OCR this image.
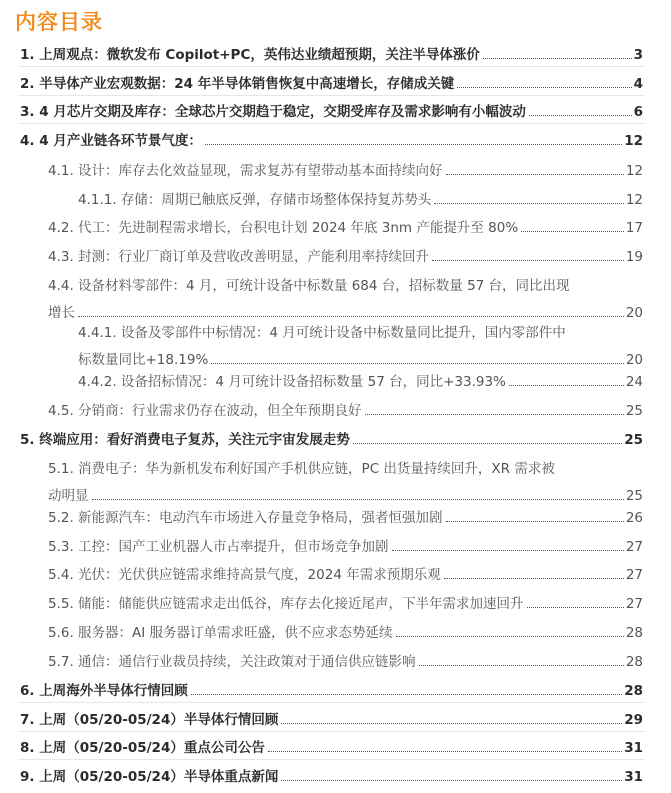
内容目录
1. 上周观点：微软发布 Copilot+PC，英伟达业绩超预期，关注半导体涨价	3
2. 半导体产业宏观数据：24 年半导体销售恢复中高速增长，存储成关键	4
3. 4 月芯片交期及库存：全球芯片交期趋于稳定，交期受库存及需求影响有小幅波动	6
4. 4 月产业链各环节景气度：	12
4.1. 设计：库存去化效益显现，需求复苏有望带动基本面持续向好	12
4.1.1. 存储：周期已触底反弹，存储市场整体保持复苏势头	12
4.2. 代工：先进制程需求增长，台积电计划 2024 年底 3nm 产能提升至 80%	17
4.3. 封测：行业厂商订单及营收改善明显，产能利用率持续回升	19
4.4. 设备材料零部件：4 月，可统计设备中标数量 684 台，招标数量 57 台，同比出现
增长	20
4.4.1. 设备及零部件中标情况：4 月可统计设备中标数量同比提升，国内零部件中
标数量同比+18.19%	20
4.4.2. 设备招标情况：4 月可统计设备招标数量 57 台，同比+33.93%	24
4.5. 分销商：行业需求仍存在波动，但全年预期良好	25
5. 终端应用：看好消费电子复苏，关注元宇宙发展走势	25
5.1. 消费电子：华为新机发布利好国产手机供应链，PC 出货量持续回升，XR 需求被
动明显	25
5.2. 新能源汽车：电动汽车市场进入存量竞争格局，强者恒强加剧	26
5.3. 工控：国产工业机器人市占率提升，但市场竞争加剧	27
5.4. 光伏：光伏供应链需求维持高景气度，2024 年需求预期乐观	27
5.5. 储能：储能供应链需求走出低谷，库存去化接近尾声，下半年需求加速回升	27
5.6. 服务器：AI 服务器订单需求旺盛，供不应求态势延续	28
5.7. 通信：通信行业裁员持续，关注政策对于通信供应链影响	28
6. 上周海外半导体行情回顾	28
7. 上周（05/20-05/24）半导体行情回顾	29
8. 上周（05/20-05/24）重点公司公告	31
9. 上周（05/20-05/24）半导体重点新闻	31
